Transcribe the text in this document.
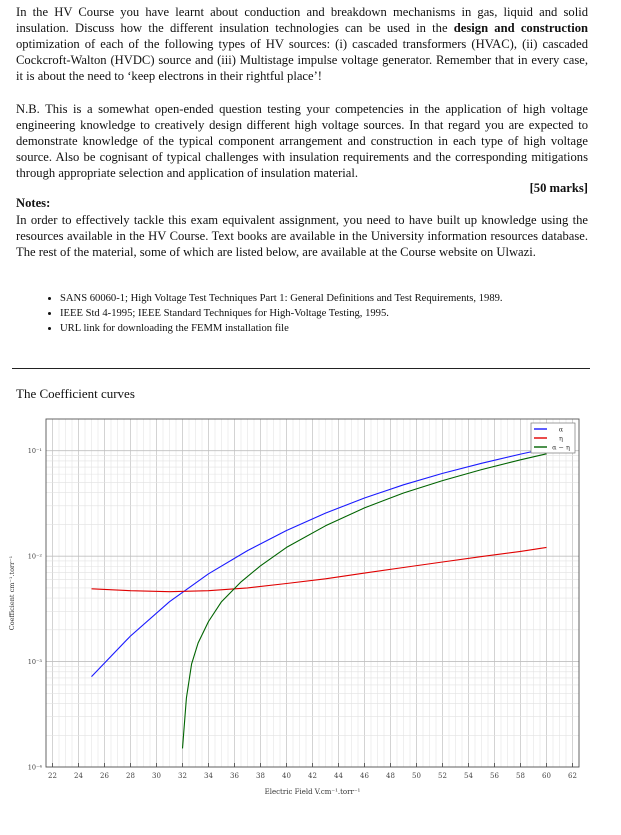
In the HV Course you have learnt about conduction and breakdown mechanisms in gas, liquid and solid insulation. Discuss how the different insulation technologies can be used in the design and construction optimization of each of the following types of HV sources: (i) cascaded transformers (HVAC), (ii) cascaded Cockcroft-Walton (HVDC) source and (iii) Multistage impulse voltage generator. Remember that in every case, it is about the need to ‘keep electrons in their rightful place’!

N.B. This is a somewhat open-ended question testing your competencies in the application of high voltage engineering knowledge to creatively design different high voltage sources. In that regard you are expected to demonstrate knowledge of the typical component arrangement and construction in each type of high voltage source. Also be cognisant of typical challenges with insulation requirements and the corresponding mitigations through appropriate selection and application of insulation material.

[50 marks]
Notes:

In order to effectively tackle this exam equivalent assignment, you need to have built up knowledge using the resources available in the HV Course. Text books are available in the University information resources database. The rest of the material, some of which are listed below, are available at the Course website on Ulwazi.

• SANS 60060-1; High Voltage Test Techniques Part 1: General Definitions and Test Requirements, 1989.
• IEEE Std 4-1995; IEEE Standard Techniques for High-Voltage Testing, 1995.
• URL link for downloading the FEMM installation file
The Coefficient curves
22 24 26 28 30 32 34 36 38 40 42 44 46 48 50 52 54 56 58 60 62
10⁻⁴
10⁻³
10⁻²
10⁻¹
Electric Field V.cm⁻¹.torr⁻¹
Coefficient cm⁻¹.torr⁻¹
α
η
α − η
